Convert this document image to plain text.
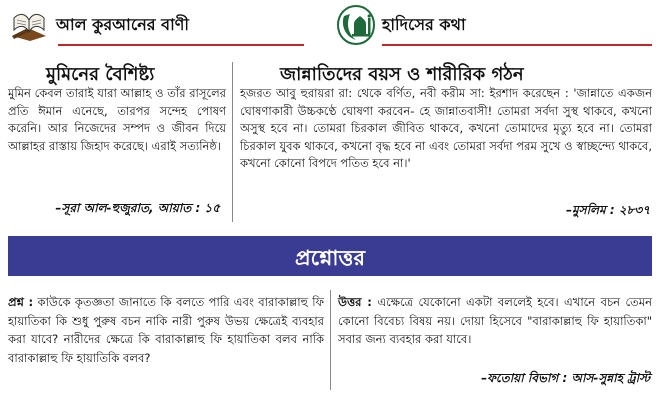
আল কুরআনের বাণী	হাদিসের কথা
মুমিনের বৈশিষ্ট্য
মুমিন কেবল তারাই যারা আল্লাহ ও তাঁর রাসূলের প্রতি ঈমান এনেছে, তারপর সন্দেহ পোষণ করেনি। আর নিজেদের সম্পদ ও জীবন দিয়ে আল্লাহর রাস্তায় জিহাদ করেছে। এরাই সত্যনিষ্ঠ।
–সূরা আল-হুজুরাত, আয়াত : ১৫
জান্নাতিদের বয়স ও শারীরিক গঠন
হজরত আবু হুরায়রা রা: থেকে বর্ণিত, নবী করীম সা: ইরশাদ করেছেন : 'জান্নাতে একজন ঘোষণাকারী উচ্চকণ্ঠে ঘোষণা করবেন- হে জান্নাতবাসী! তোমরা সর্বদা সুস্থ থাকবে, কখনো অসুস্থ হবে না। তোমরা চিরকাল জীবিত থাকবে, কখনো তোমাদের মৃত্যু হবে না। তোমরা চিরকাল যুবক থাকবে, কখনো বৃদ্ধ হবে না এবং তোমরা সর্বদা পরম সুখে ও স্বাচ্ছন্দ্যে থাকবে, কখনো কোনো বিপদে পতিত হবে না।'
–মুসলিম : ২৮৩৭
প্রশ্নোত্তর
প্রশ্ন : কাউকে কৃতজ্ঞতা জানাতে কি বলতে পারি এবং বারাকাল্লাহু ফি হায়াতিকা কি শুধু পুরুষ বচন নাকি নারী পুরুষ উভয় ক্ষেত্রেই ব্যবহার করা যাবে? নারীদের ক্ষেত্রে কি বারাকাল্লাহু ফি হায়াতিকা বলব নাকি বারাকাল্লাহু ফি হায়াতিকি বলব?
উত্তর : এক্ষেত্রে যেকোনো একটা বললেই হবে। এখানে বচন তেমন কোনো বিবেচ্য বিষয় নয়। দোয়া হিসেবে "বারাকাল্লাহু ফি হায়াতিকা" সবার জন্য ব্যবহার করা যাবে।
–ফতোয়া বিভাগ : আস-সুন্নাহ ট্রাস্ট
